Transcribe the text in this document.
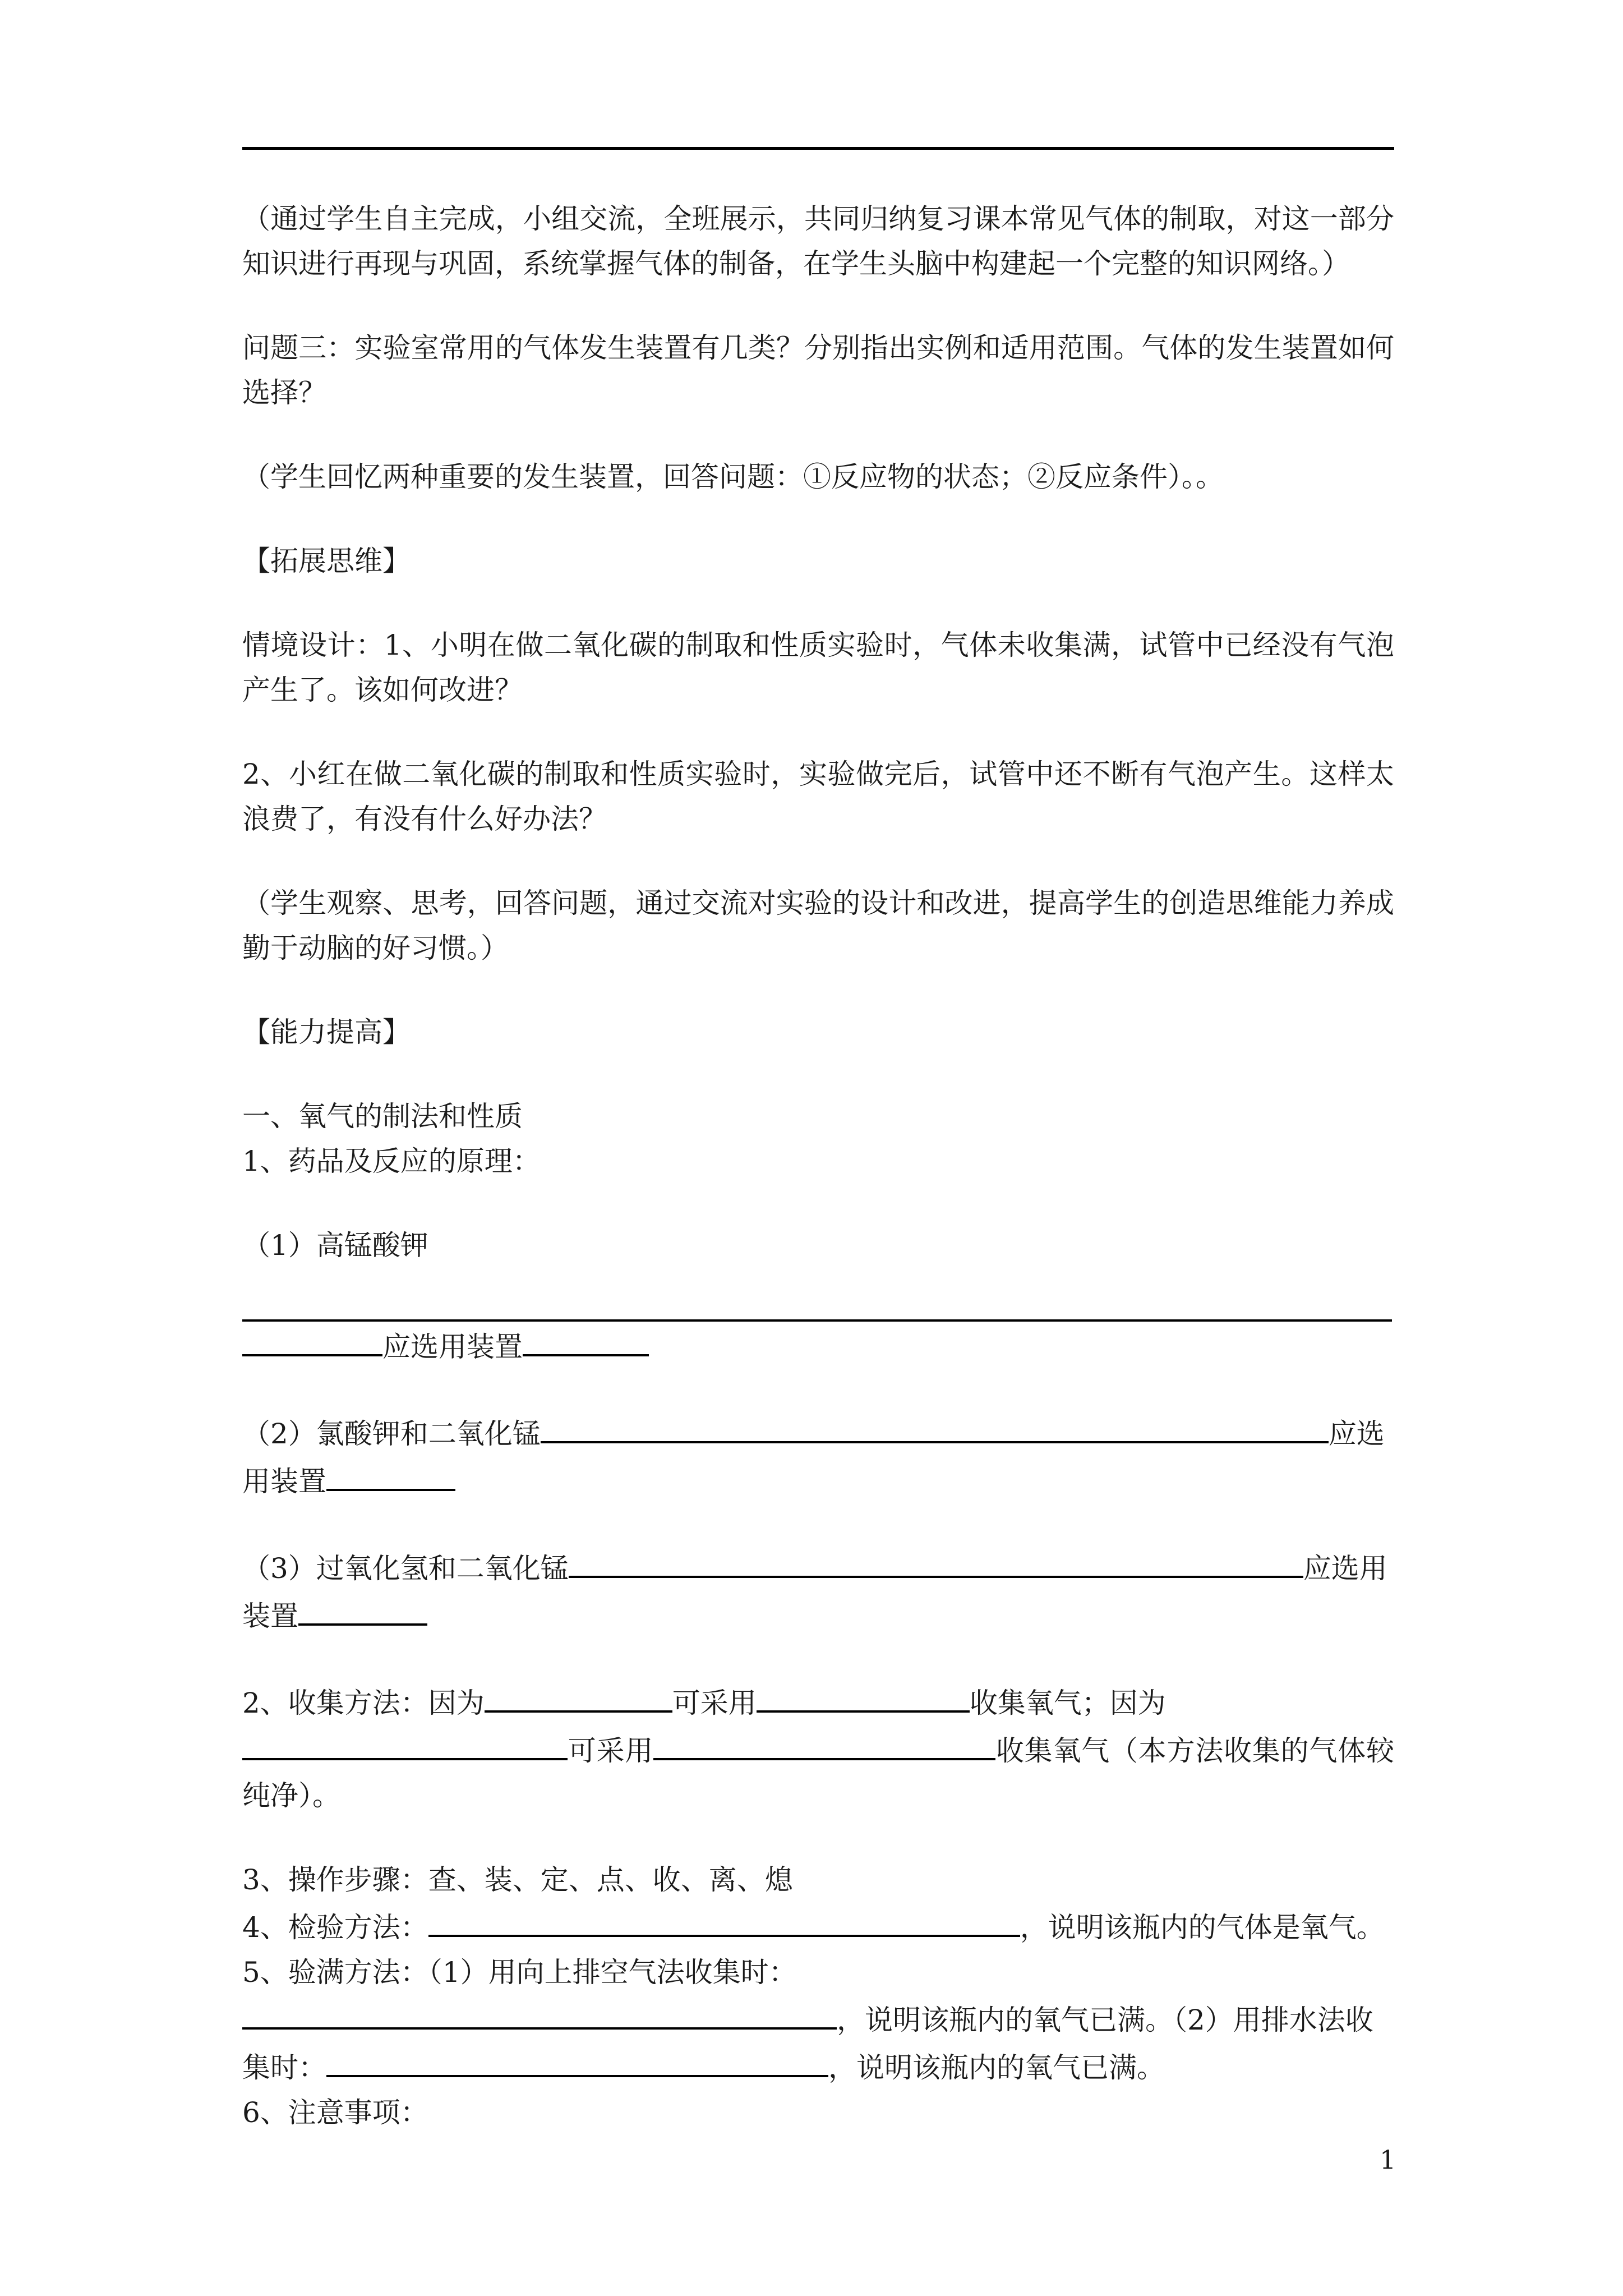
（通过学生自主完成，小组交流，全班展示，共同归纳复习课本常见气体的制取，对这一部分知识进行再现与巩固，系统掌握气体的制备，在学生头脑中构建起一个完整的知识网络。）

问题三：实验室常用的气体发生装置有几类？分别指出实例和适用范围。气体的发生装置如何选择？

（学生回忆两种重要的发生装置，回答问题：①反应物的状态；②反应条件）。。

【拓展思维】

情境设计：1、小明在做二氧化碳的制取和性质实验时，气体未收集满，试管中已经没有气泡产生了。该如何改进？

2、小红在做二氧化碳的制取和性质实验时，实验做完后，试管中还不断有气泡产生。这样太浪费了，有没有什么好办法？

（学生观察、思考，回答问题，通过交流对实验的设计和改进，提高学生的创造思维能力养成勤于动脑的好习惯。）

【能力提高】

一、氧气的制法和性质

1、药品及反应的原理：

（1）高锰酸钾

应选用装置

（2）氯酸钾和二氧化锰	应选
用装置

（3）过氧化氢和二氧化锰	应选用
装置

2、收集方法：因为	可采用	收集氧气；因为
可采用	收集氧气（本方法收集的气体较纯净）。

3、操作步骤：查、装、定、点、收、离、熄

4、检验方法：	，说明该瓶内的气体是氧气。

5、验满方法：（1）用向上排空气法收集时：

，说明该瓶内的氧气已满。（2）用排水法收

集时：	，说明该瓶内的氧气已满。

6、注意事项：

1
